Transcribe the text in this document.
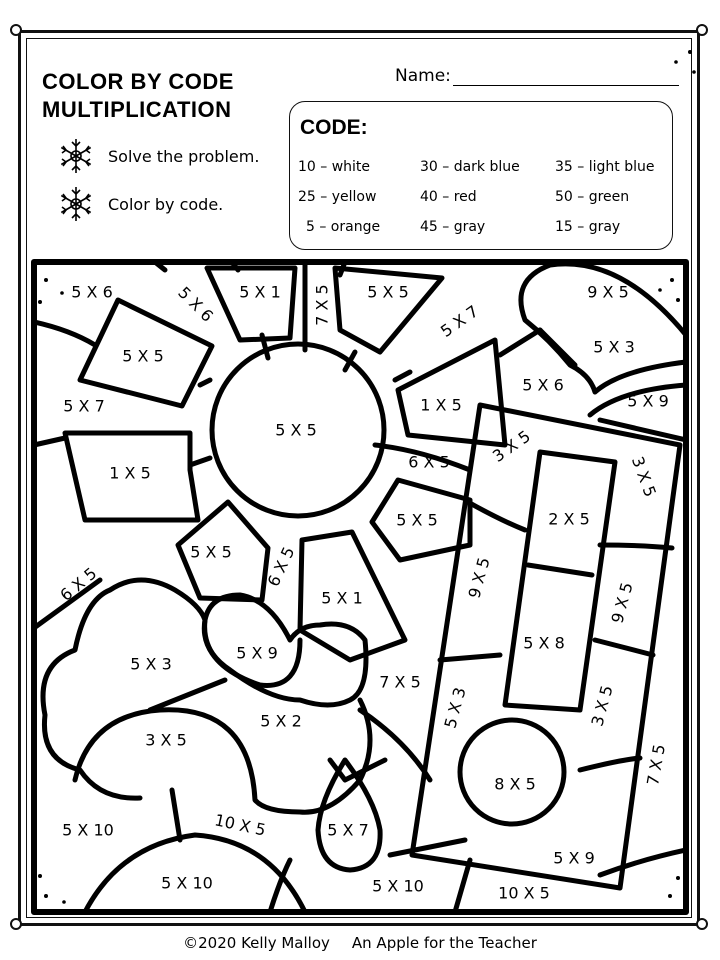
COLOR BY CODE
MULTIPLICATION
Solve the problem.
Color by code.
Name:
CODE:
10 – white	30 – dark blue	35 – light blue
25 – yellow	40 – red	50 – green
5 – orange	45 – gray	15 – gray
5 X 6	5 X 6 5 X 1 7 X 5 5 X 5	9 X 5
5 X 5
5 X 7
5 X 3
5 X 7
5 X 5
1 X 5
5 X 6
5 X 9
1 X 5
3 X 5
6 X 5	3 X 5
5 X 5	2 X 5
5 X 5 6 X 5
6 X 5	5 X 1	9 X 5
9 X 5
5 X 3
5 X 9
5 X 8
7 X 5
5 X 3	3 X 5
5 X 2
3 X 5
7 X 5
8 X 5
5 X 10	10 X 5	5 X 7
5 X 9
5 X 10	5 X 10	10 X 5
©2020 Kelly Malloy An Apple for the Teacher
